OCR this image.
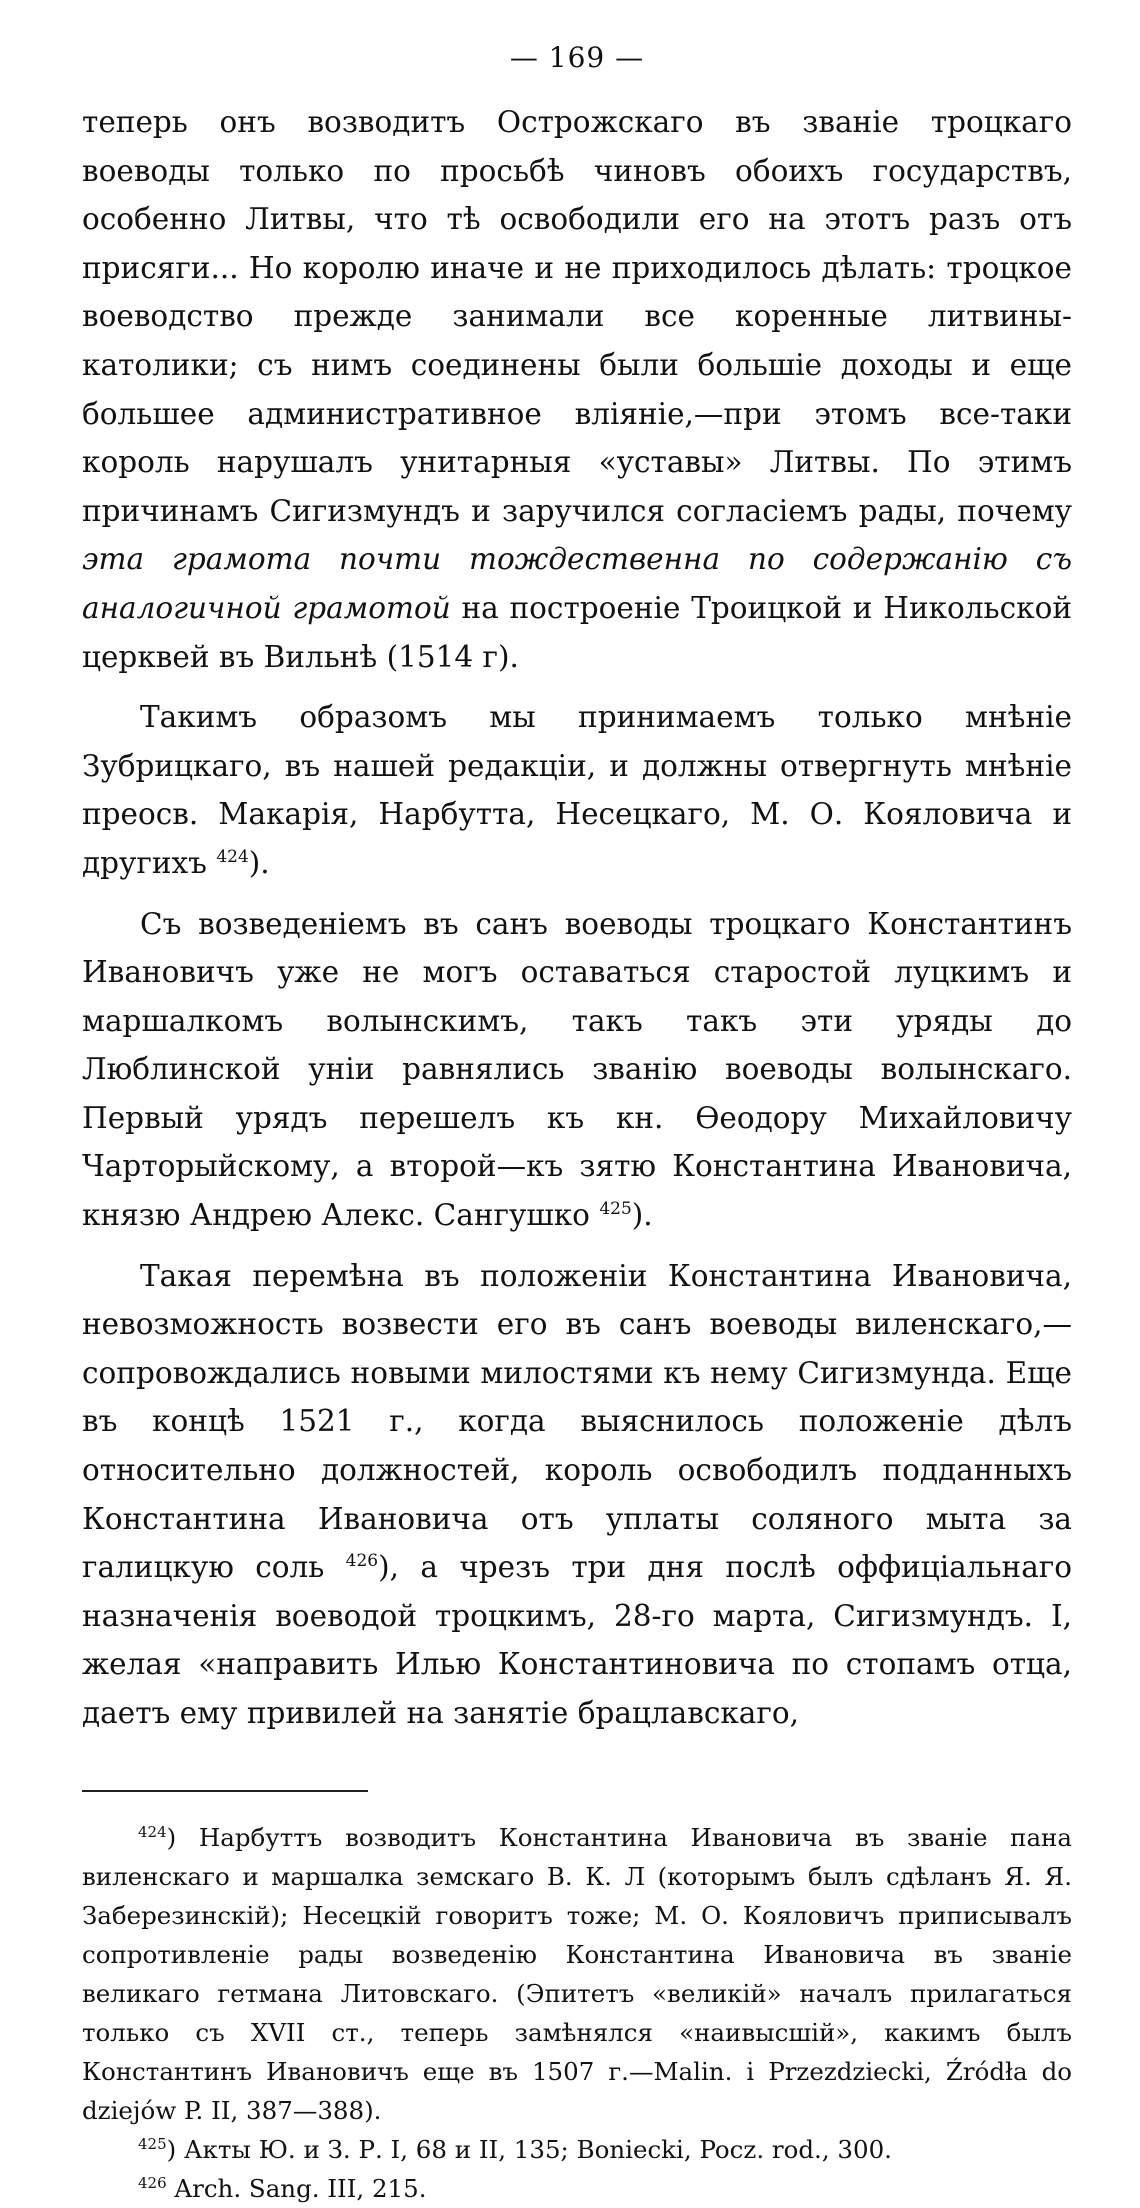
— 169 —

теперь онъ возводитъ Острожскаго въ званіе троцкаго воеводы только по просьбѣ чиновъ обоихъ государствъ, особенно Литвы, что тѣ освободили его на этотъ разъ отъ присяги... Но королю иначе и не приходилось дѣлать: троцкое воеводство прежде занимали все коренные литвины-католики; съ нимъ соединены были большіе доходы и еще большее административное вліяніе,—при этомъ все-таки король нарушалъ унитарныя «уставы» Литвы. По этимъ причинамъ Сигизмундъ и заручился согласіемъ рады, почему эта грамота почти тождественна по содержанію съ аналогичной грамотой на построеніе Троицкой и Никольской церквей въ Вильнѣ (1514 г).

Такимъ образомъ мы принимаемъ только мнѣніе Зубрицкаго, въ нашей редакціи, и должны отвергнуть мнѣніе преосв. Макарія, Нарбутта, Несецкаго, М. О. Кояловича и другихъ $^{424}$).

Съ возведеніемъ въ санъ воеводы троцкаго Константинъ Ивановичъ уже не могъ оставаться старостой луцкимъ и маршалкомъ волынскимъ, такъ такъ эти уряды до Люблинской уніи равнялись званію воеводы волынскаго. Первый урядъ перешелъ къ кн. Ѳеодору Михайловичу Чарторыйскому, а второй—къ зятю Константина Ивановича, князю Андрею Алекс. Сангушко $^{425}$).

Такая перемѣна въ положеніи Константина Ивановича, невозможность возвести его въ санъ воеводы виленскаго,—сопровождались новыми милостями къ нему Сигизмунда. Еще въ концѣ 1521 г., когда выяснилось положеніе дѣлъ относительно должностей, король освободилъ подданныхъ Константина Ивановича отъ уплаты соляного мыта за галицкую соль $^{426}$), а чрезъ три дня послѣ оффиціальнаго назначенія воеводой троцкимъ, 28-го марта, Сигизмундъ. I, желая «направить Илью Константиновича по стопамъ отца, даетъ ему привилей на занятіе брацлавскаго,

$^{424}$) Нарбуттъ возводитъ Константина Ивановича въ званіе пана виленскаго и маршалка земскаго В. К. Л (которымъ былъ сдѣланъ Я. Я. Заберезинскій); Несецкій говоритъ тоже; М. О. Кояловичъ приписывалъ сопротивленіе рады возведенію Константина Ивановича въ званіе великаго гетмана Литовскаго. (Эпитетъ «великій» началъ прилагаться только съ XVII ст., теперь замѣнялся «наивысшій», какимъ былъ Константинъ Ивановичъ еще въ 1507 г.—Malin. i Przezdziecki, Źródła do dziejów P. II, 387—388).

$^{425}$) Акты Ю. и З. Р. I, 68 и II, 135; Boniecki, Pocz. rod., 300.

$^{426}$ Arch. Sang. III, 215.
